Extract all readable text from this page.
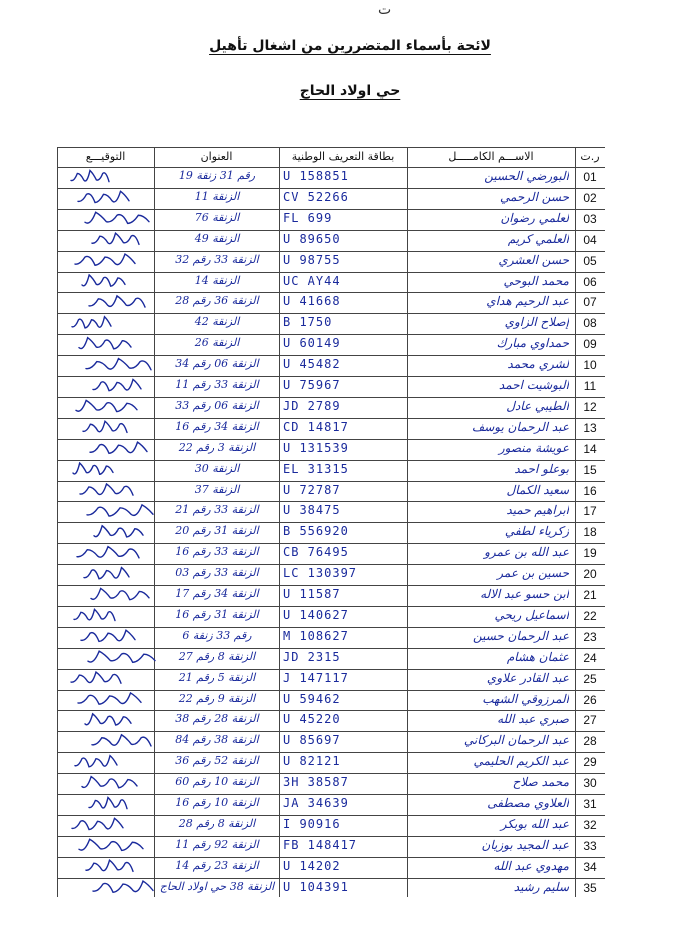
ت
لائحة بأسماء المتضررين من اشغال تأهيل
حي اولاد الحاج
ر.ت
الاســـم الكامـــــل
بطاقة التعريف الوطنية
العنوان
التوقيـــع
01
البورضي الحسين
U 158851
رقم 31 زنقة 19
02
حسن الرحمي
CV 52266
الزنقة 11
03
لعلمي رضوان
FL 699
الزنقة 76
04
العلمي كريم
U 89650
الزنقة 49
05
حسن العشري
U 98755
الزنقة 33 رقم 32
06
محمد البوحي
UC AY44
الزنقة 14
07
عبد الرحيم هداي
U 41668
الزنقة 36 رقم 28
08
إصلاح الزاوي
B 1750
الزنقة 42
09
حمداوي مبارك
U 60149
الزنقة 26
10
لشري محمد
U 45482
الزنقة 06 رقم 34
11
البوشيت احمد
U 75967
الزنقة 33 رقم 11
12
الطيبي عادل
JD 2789
الزنقة 06 رقم 33
13
عبد الرحمان يوسف
CD 14817
الزنقة 34 رقم 16
14
عويشة منصور
U 131539
الزنقة 3 رقم 22
15
بوعلو احمد
EL 31315
الزنقة 30
16
سعيد الكمال
U 72787
الزنقة 37
17
ابراهيم حميد
U 38475
الزنقة 33 رقم 21
18
زكرياء لطفي
B 556920
الزنقة 31 رقم 20
19
عبد الله بن عمرو
CB 76495
الزنقة 33 رقم 16
20
حسين بن عمر
LC 130397
الزنقة 33 رقم 03
21
ابن حسو عبد الاله
U 11587
الزنقة 34 رقم 17
22
اسماعيل ريحي
U 140627
الزنقة 31 رقم 16
23
عبد الرحمان حسين
M 108627
رقم 33 زنقة 6
24
عثمان هشام
JD 2315
الزنقة 8 رقم 27
25
عبد القادر علاوي
J 147117
الزنقة 5 رقم 21
26
المرزوقي الشهب
U 59462
الزنقة 9 رقم 22
27
صبري عبد الله
U 45220
الزنقة 28 رقم 38
28
عبد الرحمان البركاني
U 85697
الزنقة 38 رقم 84
29
عبد الكريم الحليمي
U 82121
الزنقة 52 رقم 36
30
محمد صلاح
3H 38587
الزنقة 10 رقم 60
31
العلاوي مصطفى
JA 34639
الزنقة 10 رقم 16
32
عبد الله بوبكر
I 90916
الزنقة 8 رقم 28
33
عبد المجيد بوزيان
FB 148417
الزنقة 92 رقم 11
34
مهدوي عبد الله
U 14202
الزنقة 23 رقم 14
35
سليم رشيد
U 104391
الزنقة 38 حي اولاد الحاج
